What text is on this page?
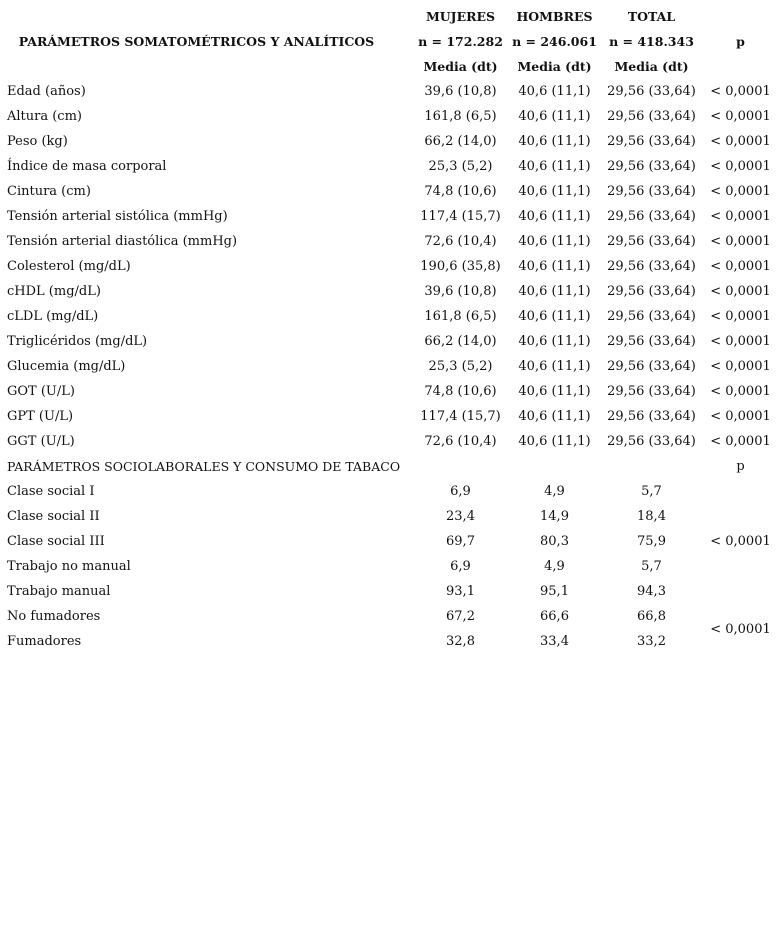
	MUJERES	HOMBRES	TOTAL	
PARÁMETROS SOMATOMÉTRICOS Y ANALÍTICOS	n = 172.282	n = 246.061	n = 418.343	p
	Media (dt)	Media (dt)	Media (dt)	
Edad (años)	39,6 (10,8)	40,6 (11,1)	29,56 (33,64)	< 0,0001
Altura (cm)	161,8 (6,5)	40,6 (11,1)	29,56 (33,64)	< 0,0001
Peso (kg)	66,2 (14,0)	40,6 (11,1)	29,56 (33,64)	< 0,0001
Índice de masa corporal	25,3 (5,2)	40,6 (11,1)	29,56 (33,64)	< 0,0001
Cintura (cm)	74,8 (10,6)	40,6 (11,1)	29,56 (33,64)	< 0,0001
Tensión arterial sistólica (mmHg)	117,4 (15,7)	40,6 (11,1)	29,56 (33,64)	< 0,0001
Tensión arterial diastólica (mmHg)	72,6 (10,4)	40,6 (11,1)	29,56 (33,64)	< 0,0001
Colesterol (mg/dL)	190,6 (35,8)	40,6 (11,1)	29,56 (33,64)	< 0,0001
cHDL (mg/dL)	39,6 (10,8)	40,6 (11,1)	29,56 (33,64)	< 0,0001
cLDL (mg/dL)	161,8 (6,5)	40,6 (11,1)	29,56 (33,64)	< 0,0001
Triglicéridos (mg/dL)	66,2 (14,0)	40,6 (11,1)	29,56 (33,64)	< 0,0001
Glucemia (mg/dL)	25,3 (5,2)	40,6 (11,1)	29,56 (33,64)	< 0,0001
GOT (U/L)	74,8 (10,6)	40,6 (11,1)	29,56 (33,64)	< 0,0001
GPT (U/L)	117,4 (15,7)	40,6 (11,1)	29,56 (33,64)	< 0,0001
GGT (U/L)	72,6 (10,4)	40,6 (11,1)	29,56 (33,64)	< 0,0001
PARÁMETROS SOCIOLABORALES Y CONSUMO DE TABACO				p
Clase social I	6,9	4,9	5,7	
Clase social II	23,4	14,9	18,4	
Clase social III	69,7	80,3	75,9	< 0,0001
Trabajo no manual	6,9	4,9	5,7	
Trabajo manual	93,1	95,1	94,3	
No fumadores	67,2	66,6	66,8	< 0,0001
Fumadores	32,8	33,4	33,2	
